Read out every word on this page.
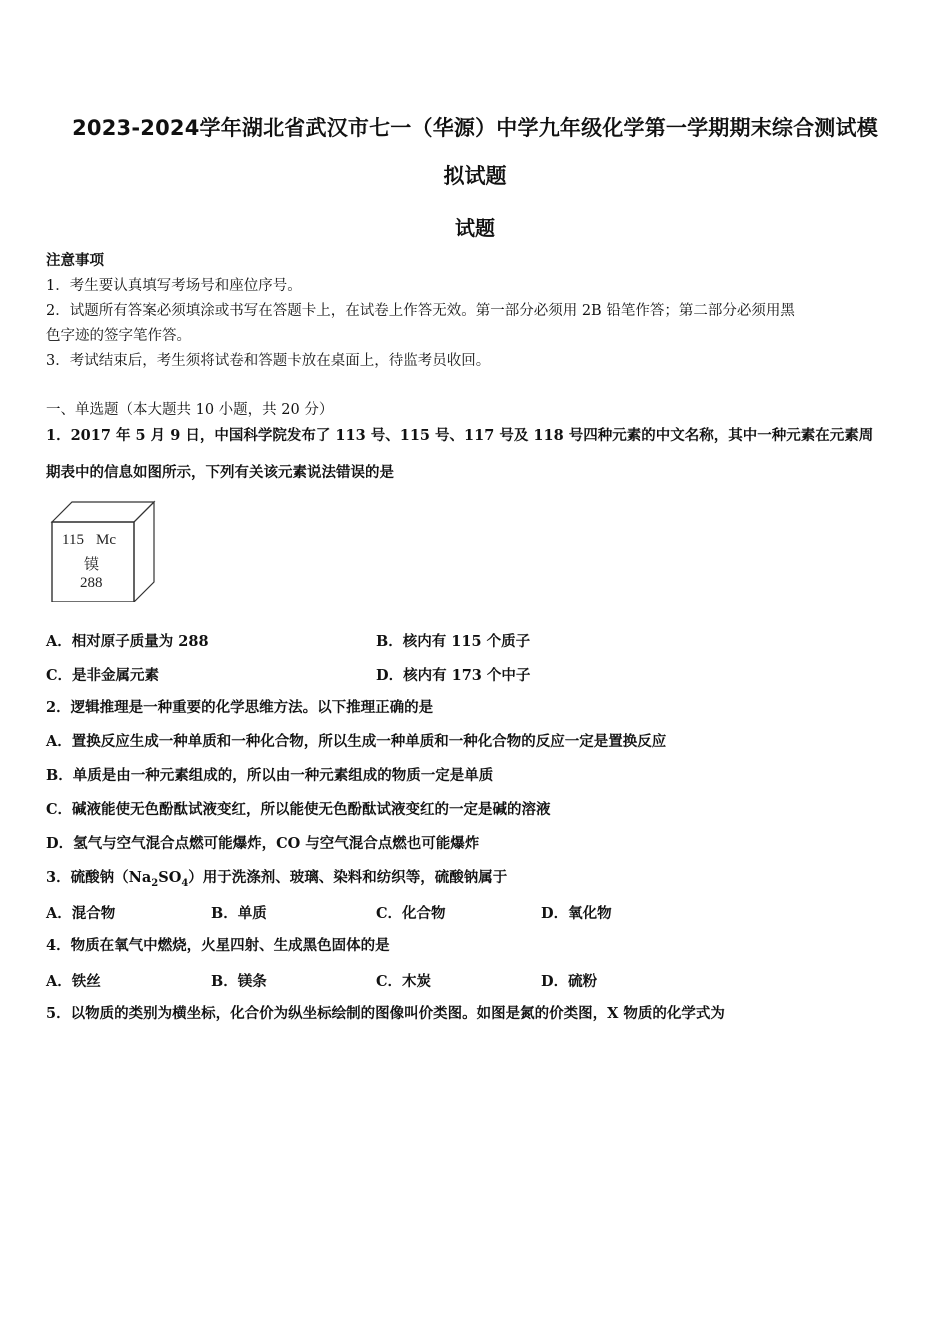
2023-2024学年湖北省武汉市七一（华源）中学九年级化学第一学期期末综合测试模
拟试题
试题
注意事项
1．考生要认真填写考场号和座位序号。
2．试题所有答案必须填涂或书写在答题卡上，在试卷上作答无效。第一部分必须用 2B 铅笔作答；第二部分必须用黑
色字迹的签字笔作答。
3．考试结束后，考生须将试卷和答题卡放在桌面上，待监考员收回。
一、单选题（本大题共 10 小题，共 20 分）
1．2017 年 5 月 9 日，中国科学院发布了 113 号、115 号、117 号及 118 号四种元素的中文名称，其中一种元素在元素周
期表中的信息如图所示，下列有关该元素说法错误的是
115 Mc
镆
288
A．相对原子质量为 288	B．核内有 115 个质子
C．是非金属元素	D．核内有 173 个中子
2．逻辑推理是一种重要的化学思维方法。以下推理正确的是
A．置换反应生成一种单质和一种化合物，所以生成一种单质和一种化合物的反应一定是置换反应
B．单质是由一种元素组成的，所以由一种元素组成的物质一定是单质
C．碱液能使无色酚酞试液变红，所以能使无色酚酞试液变红的一定是碱的溶液
D．氢气与空气混合点燃可能爆炸，CO 与空气混合点燃也可能爆炸
3．硫酸钠$(Na_2SO_4)$用于洗涤剂、玻璃、染料和纺织等，硫酸钠属于
A．混合物	B．单质	C．化合物	D．氧化物
4．物质在氧气中燃烧，火星四射、生成黑色固体的是
A．铁丝	B．镁条	C．木炭	D．硫粉
5．以物质的类别为横坐标，化合价为纵坐标绘制的图像叫价类图。如图是氮的价类图，X 物质的化学式为
